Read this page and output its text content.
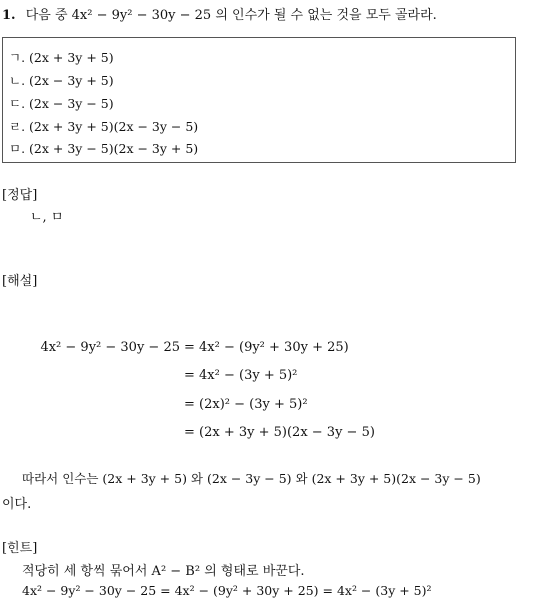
1. 다음 중 4x² − 9y² − 30y − 25 의 인수가 될 수 없는 것을 모두 골라라.
ㄱ. (2x + 3y + 5)
ㄴ. (2x − 3y + 5)
ㄷ. (2x − 3y − 5)
ㄹ. (2x + 3y + 5)(2x − 3y − 5)
ㅁ. (2x + 3y − 5)(2x − 3y + 5)
[정답]
ㄴ, ㅁ
[해설]
4x² − 9y² − 30y − 25 = 4x² − (9y² + 30y + 25)
= 4x² − (3y + 5)²
= (2x)² − (3y + 5)²
= (2x + 3y + 5)(2x − 3y − 5)
따라서 인수는 (2x + 3y + 5) 와 (2x − 3y − 5) 와 (2x + 3y + 5)(2x − 3y − 5)
이다.
[힌트]
적당히 세 항씩 묶어서 A² − B² 의 형태로 바꾼다.
4x² − 9y² − 30y − 25 = 4x² − (9y² + 30y + 25) = 4x² − (3y + 5)²
